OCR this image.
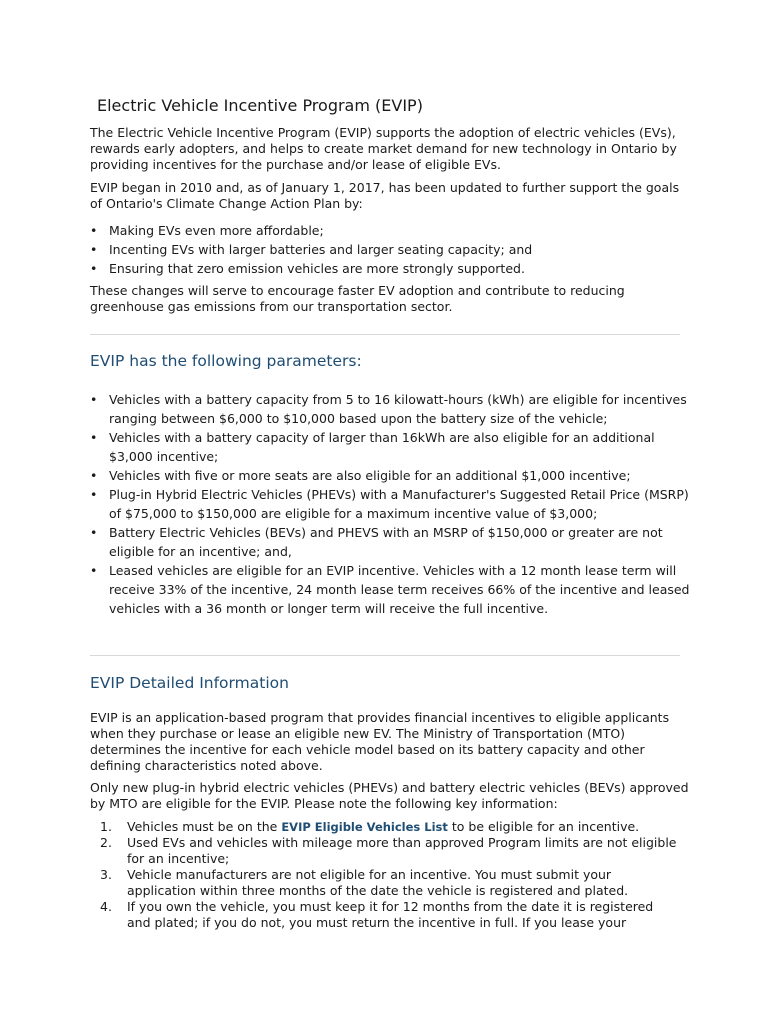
Electric Vehicle Incentive Program (EVIP)

The Electric Vehicle Incentive Program (EVIP) supports the adoption of electric vehicles (EVs), rewards early adopters, and helps to create market demand for new technology in Ontario by providing incentives for the purchase and/or lease of eligible EVs.

EVIP began in 2010 and, as of January 1, 2017, has been updated to further support the goals of Ontario's Climate Change Action Plan by:

• Making EVs even more affordable;
• Incenting EVs with larger batteries and larger seating capacity; and
• Ensuring that zero emission vehicles are more strongly supported.

These changes will serve to encourage faster EV adoption and contribute to reducing greenhouse gas emissions from our transportation sector.

EVIP has the following parameters:
• Vehicles with a battery capacity from 5 to 16 kilowatt-hours (kWh) are eligible for incentives ranging between $6,000 to $10,000 based upon the battery size of the vehicle;
• Vehicles with a battery capacity of larger than 16kWh are also eligible for an additional $3,000 incentive;
• Vehicles with five or more seats are also eligible for an additional $1,000 incentive;
• Plug-in Hybrid Electric Vehicles (PHEVs) with a Manufacturer's Suggested Retail Price (MSRP) of $75,000 to $150,000 are eligible for a maximum incentive value of $3,000;
• Battery Electric Vehicles (BEVs) and PHEVS with an MSRP of $150,000 or greater are not eligible for an incentive; and,
• Leased vehicles are eligible for an EVIP incentive. Vehicles with a 12 month lease term will receive 33% of the incentive, 24 month lease term receives 66% of the incentive and leased vehicles with a 36 month or longer term will receive the full incentive.
EVIP Detailed Information

EVIP is an application-based program that provides financial incentives to eligible applicants when they purchase or lease an eligible new EV. The Ministry of Transportation (MTO) determines the incentive for each vehicle model based on its battery capacity and other defining characteristics noted above.

Only new plug-in hybrid electric vehicles (PHEVs) and battery electric vehicles (BEVs) approved by MTO are eligible for the EVIP. Please note the following key information:

1. Vehicles must be on the EVIP Eligible Vehicles List to be eligible for an incentive.
2. Used EVs and vehicles with mileage more than approved Program limits are not eligible for an incentive;
3. Vehicle manufacturers are not eligible for an incentive. You must submit your application within three months of the date the vehicle is registered and plated.
4. If you own the vehicle, you must keep it for 12 months from the date it is registered and plated; if you do not, you must return the incentive in full. If you lease your
